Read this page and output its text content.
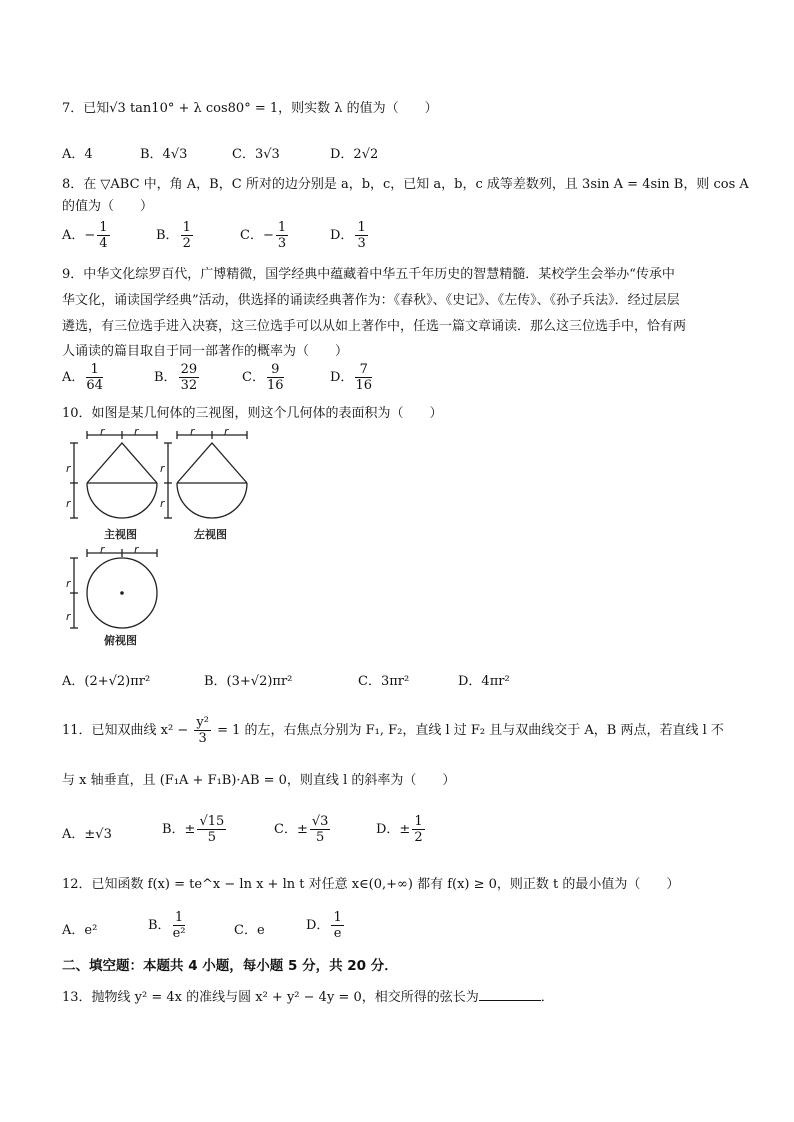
7．已知√3 tan10° + λ cos80° = 1，则实数 λ 的值为（　　）
A．4	B．4√3	C．3√3	D．2√2
8．在 ▽ABC 中，角 A，B，C 所对的边分别是 a，b，c，已知 a，b，c 成等差数列，且 3sin A = 4sin B，则 cos A
的值为（　　）
A．− $\frac{1}{4}$	B． $\frac{1}{2}$	C．− $\frac{1}{3}$	D． $\frac{1}{3}$
9．中华文化综罗百代，广博精微，国学经典中蕴藏着中华五千年历史的智慧精髓．某校学生会举办“传承中
华文化，诵读国学经典”活动，供选择的诵读经典著作为：《春秋》、《史记》、《左传》、《孙子兵法》．经过层层
遴选，有三位选手进入决赛，这三位选手可以从如上著作中，任选一篇文章诵读．那么这三位选手中，恰有两
人诵读的篇目取自于同一部著作的概率为（　　）
A． $\frac{1}{64}$	B． $\frac{29}{32}$	C． $\frac{9}{16}$	D． $\frac{7}{16}$
10．如图是某几何体的三视图，则这个几何体的表面积为（　　）
r	r	r	r
r	r
r
r
r
r
r
r
主视图	左视图
俯视图
A．(2+√2)πr²	B．(3+√2)πr²	C．3πr²	D．4πr²
11．已知双曲线 $x^2 - \frac{\text{y²}}{3} = 1$ 的左，右焦点分别为 F₁, F₂，直线 l 过 F₂ 且与双曲线交于 A，B 两点，若直线 l 不
与 x 轴垂直，且 (F₁A + F₁B)·AB = 0，则直线 l 的斜率为（　　）
A．±√3	B．± $\frac{√15}{5}$	C．± $\frac{√3}{5}$	D．± $\frac{1}{2}$
12．已知函数 f(x) = te^x − ln x + ln t 对任意 x∈(0,+∞) 都有 f(x) ≥ 0，则正数 t 的最小值为（　　）
A．e²	B． $\frac{1}{\text{e²}}$	C．e	D． $\frac{1}{e}$
二、填空题：本题共 4 小题，每小题 5 分，共 20 分．
13．抛物线 y² = 4x 的准线与圆 x² + y² − 4y = 0，相交所得的弦长为	．
